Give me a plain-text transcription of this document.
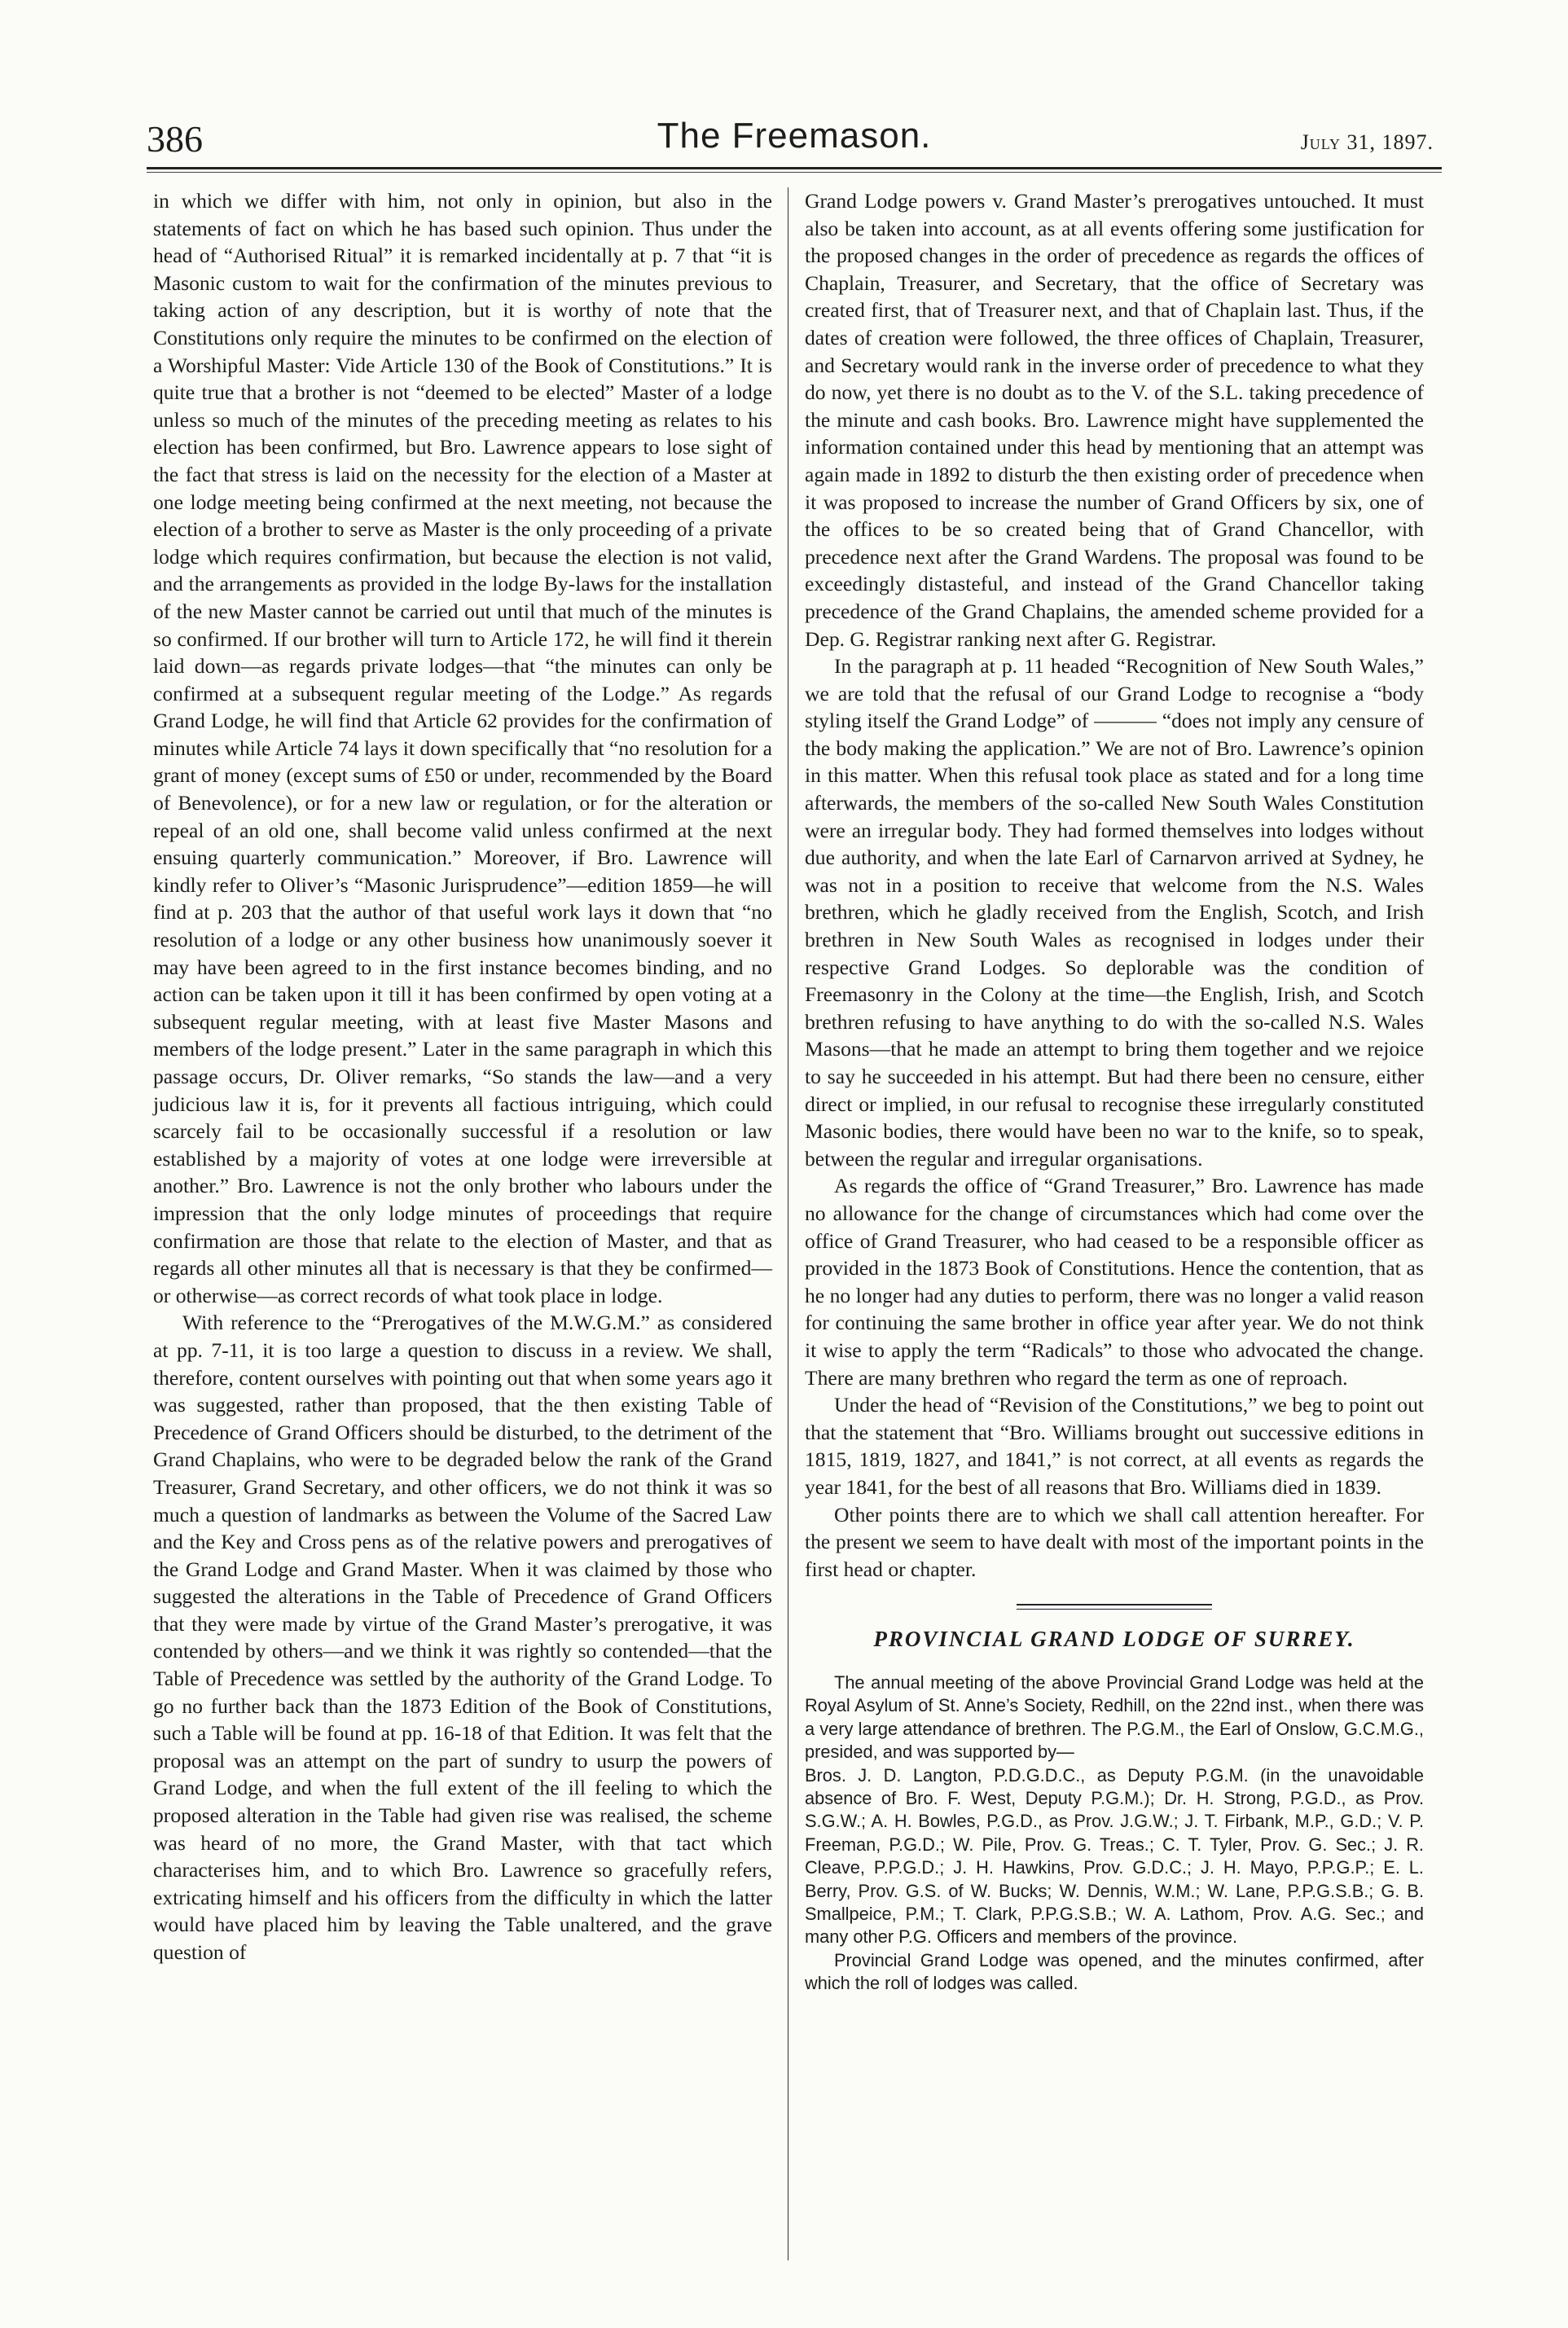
386	The Freemason.	July 31, 1897.

in which we differ with him, not only in opinion, but also in the statements of fact on which he has based such opinion. Thus under the head of “Authorised Ritual” it is remarked incidentally at p. 7 that “it is Masonic custom to wait for the confirmation of the minutes previous to taking action of any description, but it is worthy of note that the Constitutions only require the minutes to be confirmed on the election of a Worshipful Master: Vide Article 130 of the Book of Constitutions.” It is quite true that a brother is not “deemed to be elected” Master of a lodge unless so much of the minutes of the preceding meeting as relates to his election has been confirmed, but Bro. Lawrence appears to lose sight of the fact that stress is laid on the necessity for the election of a Master at one lodge meeting being confirmed at the next meeting, not because the election of a brother to serve as Master is the only proceeding of a private lodge which requires confirmation, but because the election is not valid, and the arrangements as provided in the lodge By-laws for the installation of the new Master cannot be carried out until that much of the minutes is so confirmed. If our brother will turn to Article 172, he will find it therein laid down—as regards private lodges—that “the minutes can only be confirmed at a subsequent regular meeting of the Lodge.” As regards Grand Lodge, he will find that Article 62 provides for the confirmation of minutes while Article 74 lays it down specifically that “no resolution for a grant of money (except sums of £50 or under, recommended by the Board of Benevolence), or for a new law or regulation, or for the alteration or repeal of an old one, shall become valid unless confirmed at the next ensuing quarterly communication.” Moreover, if Bro. Lawrence will kindly refer to Oliver’s “Masonic Jurisprudence”—edition 1859—he will find at p. 203 that the author of that useful work lays it down that “no resolution of a lodge or any other business how unanimously soever it may have been agreed to in the first instance becomes binding, and no action can be taken upon it till it has been confirmed by open voting at a subsequent regular meeting, with at least five Master Masons and members of the lodge present.” Later in the same paragraph in which this passage occurs, Dr. Oliver remarks, “So stands the law—and a very judicious law it is, for it prevents all factious intriguing, which could scarcely fail to be occasionally successful if a resolution or law established by a majority of votes at one lodge were irreversible at another.” Bro. Lawrence is not the only brother who labours under the impression that the only lodge minutes of proceedings that require confirmation are those that relate to the election of Master, and that as regards all other minutes all that is necessary is that they be confirmed—or otherwise—as correct records of what took place in lodge.

With reference to the “Prerogatives of the M.W.G.M.” as considered at pp. 7-11, it is too large a question to discuss in a review. We shall, therefore, content ourselves with pointing out that when some years ago it was suggested, rather than proposed, that the then existing Table of Precedence of Grand Officers should be disturbed, to the detriment of the Grand Chaplains, who were to be degraded below the rank of the Grand Treasurer, Grand Secretary, and other officers, we do not think it was so much a question of landmarks as between the Volume of the Sacred Law and the Key and Cross pens as of the relative powers and prerogatives of the Grand Lodge and Grand Master. When it was claimed by those who suggested the alterations in the Table of Precedence of Grand Officers that they were made by virtue of the Grand Master’s prerogative, it was contended by others—and we think it was rightly so contended—that the Table of Precedence was settled by the authority of the Grand Lodge. To go no further back than the 1873 Edition of the Book of Constitutions, such a Table will be found at pp. 16-18 of that Edition. It was felt that the proposal was an attempt on the part of sundry to usurp the powers of Grand Lodge, and when the full extent of the ill feeling to which the proposed alteration in the Table had given rise was realised, the scheme was heard of no more, the Grand Master, with that tact which characterises him, and to which Bro. Lawrence so gracefully refers, extricating himself and his officers from the difficulty in which the latter would have placed him by leaving the Table unaltered, and the grave question of

Grand Lodge powers v. Grand Master’s prerogatives untouched. It must also be taken into account, as at all events offering some justification for the proposed changes in the order of precedence as regards the offices of Chaplain, Treasurer, and Secretary, that the office of Secretary was created first, that of Treasurer next, and that of Chaplain last. Thus, if the dates of creation were followed, the three offices of Chaplain, Treasurer, and Secretary would rank in the inverse order of precedence to what they do now, yet there is no doubt as to the V. of the S.L. taking precedence of the minute and cash books. Bro. Lawrence might have supplemented the information contained under this head by mentioning that an attempt was again made in 1892 to disturb the then existing order of precedence when it was proposed to increase the number of Grand Officers by six, one of the offices to be so created being that of Grand Chancellor, with precedence next after the Grand Wardens. The proposal was found to be exceedingly distasteful, and instead of the Grand Chancellor taking precedence of the Grand Chaplains, the amended scheme provided for a Dep. G. Registrar ranking next after G. Registrar.

In the paragraph at p. 11 headed “Recognition of New South Wales,” we are told that the refusal of our Grand Lodge to recognise a “body styling itself the Grand Lodge” of ——— “does not imply any censure of the body making the application.” We are not of Bro. Lawrence’s opinion in this matter. When this refusal took place as stated and for a long time afterwards, the members of the so-called New South Wales Constitution were an irregular body. They had formed themselves into lodges without due authority, and when the late Earl of Carnarvon arrived at Sydney, he was not in a position to receive that welcome from the N.S. Wales brethren, which he gladly received from the English, Scotch, and Irish brethren in New South Wales as recognised in lodges under their respective Grand Lodges. So deplorable was the condition of Freemasonry in the Colony at the time—the English, Irish, and Scotch brethren refusing to have anything to do with the so-called N.S. Wales Masons—that he made an attempt to bring them together and we rejoice to say he succeeded in his attempt. But had there been no censure, either direct or implied, in our refusal to recognise these irregularly constituted Masonic bodies, there would have been no war to the knife, so to speak, between the regular and irregular organisations.

As regards the office of “Grand Treasurer,” Bro. Lawrence has made no allowance for the change of circumstances which had come over the office of Grand Treasurer, who had ceased to be a responsible officer as provided in the 1873 Book of Constitutions. Hence the contention, that as he no longer had any duties to perform, there was no longer a valid reason for continuing the same brother in office year after year. We do not think it wise to apply the term “Radicals” to those who advocated the change. There are many brethren who regard the term as one of reproach.

Under the head of “Revision of the Constitutions,” we beg to point out that the statement that “Bro. Williams brought out successive editions in 1815, 1819, 1827, and 1841,” is not correct, at all events as regards the year 1841, for the best of all reasons that Bro. Williams died in 1839.

Other points there are to which we shall call attention hereafter. For the present we seem to have dealt with most of the important points in the first head or chapter.

PROVINCIAL GRAND LODGE OF SURREY.

The annual meeting of the above Provincial Grand Lodge was held at the Royal Asylum of St. Anne’s Society, Redhill, on the 22nd inst., when there was a very large attendance of brethren. The P.G.M., the Earl of Onslow, G.C.M.G., presided, and was supported by—

Bros. J. D. Langton, P.D.G.D.C., as Deputy P.G.M. (in the unavoidable absence of Bro. F. West, Deputy P.G.M.); Dr. H. Strong, P.G.D., as Prov. S.G.W.; A. H. Bowles, P.G.D., as Prov. J.G.W.; J. T. Firbank, M.P., G.D.; V. P. Freeman, P.G.D.; W. Pile, Prov. G. Treas.; C. T. Tyler, Prov. G. Sec.; J. R. Cleave, P.P.G.D.; J. H. Hawkins, Prov. G.D.C.; J. H. Mayo, P.P.G.P.; E. L. Berry, Prov. G.S. of W. Bucks; W. Dennis, W.M.; W. Lane, P.P.G.S.B.; G. B. Smallpeice, P.M.; T. Clark, P.P.G.S.B.; W. A. Lathom, Prov. A.G. Sec.; and many other P.G. Officers and members of the province.

Provincial Grand Lodge was opened, and the minutes confirmed, after which the roll of lodges was called.
